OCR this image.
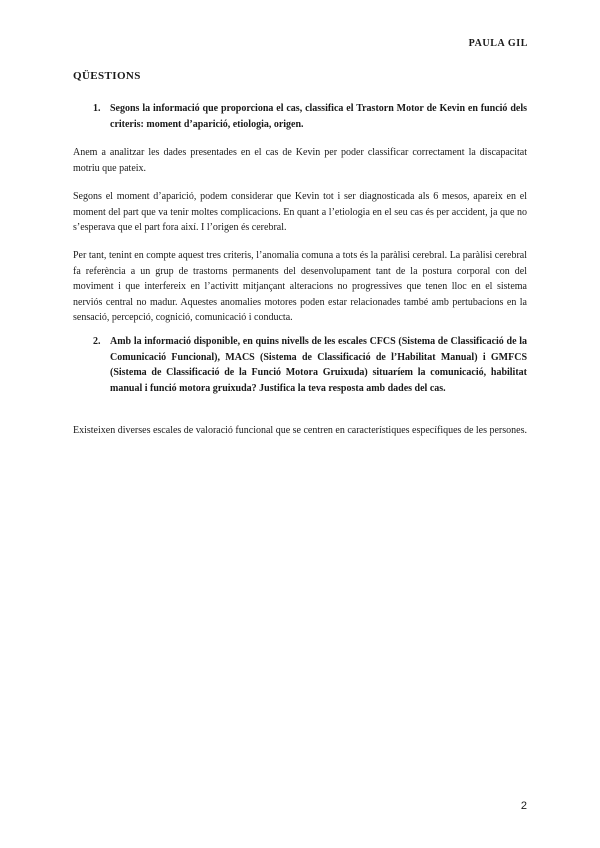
PAULA GIL
QÜESTIONS
1. Segons la informació que proporciona el cas, classifica el Trastorn Motor de Kevin en funció dels criteris: moment d’aparició, etiologia, origen.

Anem a analitzar les dades presentades en el cas de Kevin per poder classificar correctament la discapacitat motriu que pateix.

Segons el moment d’aparició, podem considerar que Kevin tot i ser diagnosticada als 6 mesos, apareix en el moment del part que va tenir moltes complicacions. En quant a l’etiologia en el seu cas és per accident, ja que no s’esperava que el part fora així. I l’origen és cerebral.

Per tant, tenint en compte aquest tres criteris, l’anomalia comuna a tots és la paràlisi cerebral. La paràlisi cerebral fa referència a un grup de trastorns permanents del desenvolupament tant de la postura corporal con del moviment i que interfereix en l’activitt mitjançant alteracions no progressives que tenen lloc en el sistema nerviós central no madur. Aquestes anomalies motores poden estar relacionades també amb pertubacions en la sensació, percepció, cognició, comunicació i conducta.

2. Amb la informació disponible, en quins nivells de les escales CFCS (Sistema de Classificació de la Comunicació Funcional), MACS (Sistema de Classificació de l’Habilitat Manual) i GMFCS (Sistema de Classificació de la Funció Motora Gruixuda) situaríem la comunicació, habilitat manual i funció motora gruixuda? Justifica la teva resposta amb dades del cas.

Existeixen diverses escales de valoració funcional que se centren en característiques específiques de les persones.

2
